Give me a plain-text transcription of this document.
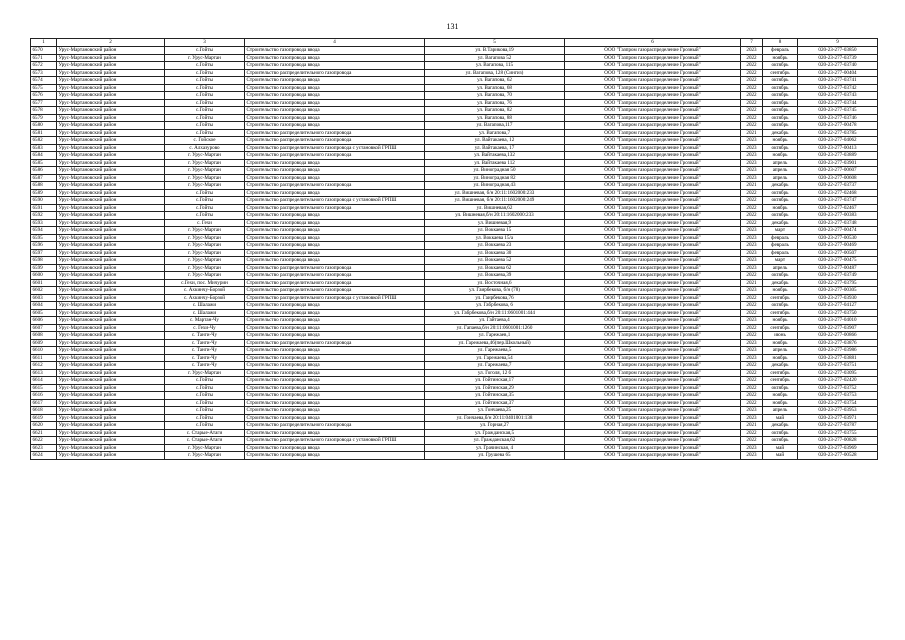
131
1	2	3	4	5	6	7	8	9
6570	Урус-Мартановский район	с.Гойты	Строительство газопровода ввода	ул. В.Тарикова,19	ООО "Газпром газораспределение Грозный"	2023	февраль	020-23-277-03850
6571	Урус-Мартановский район	г. Урус-Мартан	Строительство газопровода ввода	ул. Вагапова 52	ООО "Газпром газораспределение Грозный"	2022	ноябрь	020-23-277-03739
6572	Урус-Мартановский район	с.Гойты	Строительство газопровода ввода	ул. Вагапова, 115	ООО "Газпром газораспределение Грозный"	2022	октябрь	020-23-277-03740
6573	Урус-Мартановский район	с.Гойты	Строительство распределительного газопровода	ул. Вагапова, 128 (Сингиз)	ООО "Газпром газораспределение Грозный"	2022	сентябрь	020-23-277-00404
6574	Урус-Мартановский район	с.Гойты	Строительство газопровода ввода	ул. Вагапова, 62	ООО "Газпром газораспределение Грозный"	2022	октябрь	020-23-277-03741
6575	Урус-Мартановский район	с.Гойты	Строительство газопровода ввода	ул. Вагапова, 68	ООО "Газпром газораспределение Грозный"	2022	октябрь	020-23-277-03742
6576	Урус-Мартановский район	с.Гойты	Строительство газопровода ввода	ул. Вагапова, 70	ООО "Газпром газораспределение Грозный"	2022	октябрь	020-23-277-03743
6577	Урус-Мартановский район	с.Гойты	Строительство газопровода ввода	ул. Вагапова, 76	ООО "Газпром газораспределение Грозный"	2022	октябрь	020-23-277-03744
6578	Урус-Мартановский район	с.Гойты	Строительство газопровода ввода	ул. Вагапова, 82	ООО "Газпром газораспределение Грозный"	2022	октябрь	020-23-277-03745
6579	Урус-Мартановский район	с.Гойты	Строительство газопровода ввода	ул. Вагапова, 88	ООО "Газпром газораспределение Грозный"	2022	октябрь	020-23-277-03746
6580	Урус-Мартановский район	с.Гойты	Строительство газопровода ввода	ул. Вагапова,117	ООО "Газпром газораспределение Грозный"	2022	октябрь	020-23-277-00478
6581	Урус-Мартановский район	с.Гойты	Строительство распределительного газопровода	ул. Вагапова,7	ООО "Газпром газораспределение Грозный"	2021	декабрь	020-22-277-03785
6582	Урус-Мартановский район	с. Гойское	Строительство распределительного газопровода	ул. Вайтакаева, 12	ООО "Газпром газораспределение Грозный"	2023	ноябрь	020-23-277-04062
6583	Урус-Мартановский район	с. Алхазурово	Строительство распределительного газопровода с установкой ГРПШ	ул. Вайтакаева, 17	ООО "Газпром газораспределение Грозный"	2023	октябрь	020-23-277-00413
6584	Урус-Мартановский район	г. Урус-Мартан	Строительство распределительного газопровода	ул. Вайтакаева,132	ООО "Газпром газораспределение Грозный"	2023	ноябрь	020-23-277-03889
6585	Урус-Мартановский район	г. Урус-Мартан	Строительство газопровода ввода	ул. Вайтакаева 112	ООО "Газпром газораспределение Грозный"	2023	апрель	020-23-277-03901
6586	Урус-Мартановский район	г. Урус-Мартан	Строительство газопровода ввода	ул. Виноградная 50	ООО "Газпром газораспределение Грозный"	2023	апрель	020-23-277-00607
6587	Урус-Мартановский район	г. Урус-Мартан	Строительство газопровода ввода	ул. Виноградная 82	ООО "Газпром газораспределение Грозный"	2023	апрель	020-23-277-00608
6588	Урус-Мартановский район	г. Урус-Мартан	Строительство распределительного газопровода	ул. Виноградная,43	ООО "Газпром газораспределение Грозный"	2021	декабрь	020-22-277-03737
6589	Урус-Мартановский район	с.Гойты	Строительство газопровода ввода	ул. Вишневая, б/н 20:11:1602000:233	ООО "Газпром газораспределение Грозный"	2022	октябрь	020-23-277-02468
6590	Урус-Мартановский район	с.Гойты	Строительство распределительного газопровода с установкой ГРПШ	ул. Вишневая, б/н 20:11:1602000:249	ООО "Газпром газораспределение Грозный"	2022	октябрь	020-23-277-03747
6591	Урус-Мартановский район	с.Гойты	Строительство распределительного газопровода	ул. Вишневая,62	ООО "Газпром газораспределение Грозный"	2022	ноябрь	020-23-277-02467
6592	Урус-Мартановский район	с.Гойты	Строительство газопровода ввода	ул. Вишневая,б/н 20:11:1602000:233	ООО "Газпром газораспределение Грозный"	2022	октябрь	020-23-277-00383
6593	Урус-Мартановский район	с. Гехи	Строительство газопровода ввода	ул. Вишневая,9	ООО "Газпром газораспределение Грозный"	2022	декабрь	020-23-277-03748
6594	Урус-Мартановский район	г. Урус-Мартан	Строительство газопровода ввода	ул. Воккаева 15	ООО "Газпром газораспределение Грозный"	2023	март	020-23-277-00474
6595	Урус-Мартановский район	г. Урус-Мартан	Строительство газопровода ввода	ул. Воккаева 15/а	ООО "Газпром газораспределение Грозный"	2023	февраль	020-23-277-00530
6596	Урус-Мартановский район	г. Урус-Мартан	Строительство газопровода ввода	ул. Воккаева 23	ООО "Газпром газораспределение Грозный"	2023	февраль	020-23-277-00469
6597	Урус-Мартановский район	г. Урус-Мартан	Строительство газопровода ввода	ул. Воккаева 30	ООО "Газпром газораспределение Грозный"	2023	февраль	020-23-277-00507
6598	Урус-Мартановский район	г. Урус-Мартан	Строительство газопровода ввода	ул. Воккаева 52	ООО "Газпром газораспределение Грозный"	2023	март	020-23-277-00475
6599	Урус-Мартановский район	г. Урус-Мартан	Строительство распределительного газопровода	ул. Воккаева 62	ООО "Газпром газораспределение Грозный"	2023	апрель	020-23-277-00487
6600	Урус-Мартановский район	г. Урус-Мартан	Строительство распределительного газопровода	ул. Воккаева,39	ООО "Газпром газораспределение Грозный"	2022	октябрь	020-23-277-03749
6601	Урус-Мартановский район	с.Гехи, пос. Мичурин	Строительство распределительного газопровода	ул. Восточная,6	ООО "Газпром газораспределение Грозный"	2021	декабрь	020-22-277-03795
6602	Урус-Мартановский район	с. Ахкинчу-Борзой	Строительство распределительного газопровода	ул. Гаирбекова, б/н (78)	ООО "Газпром газораспределение Грозный"	2023	ноябрь	020-23-277-00305
6603	Урус-Мартановский район	с. Ахкинчу-Борзой	Строительство распределительного газопровода с установкой ГРПШ	ул. Гаирбекова,76	ООО "Газпром газораспределение Грозный"	2022	сентябрь	020-23-277-03930
6604	Урус-Мартановский район	с. Шалажи	Строительство газопровода ввода	ул. Габрбекова, 6	ООО "Газпром газораспределение Грозный"	2022	октябрь	020-23-277-04127
6605	Урус-Мартановский район	с. Шалажи	Строительство газопровода ввода	ул. Габрбекова,б/н 20:11:0601001:444	ООО "Газпром газораспределение Грозный"	2022	сентябрь	020-23-277-03750
6606	Урус-Мартановский район	с. Мартан-Чу	Строительство газопровода ввода	ул. Гайтаева,4	ООО "Газпром газораспределение Грозный"	2023	ноябрь	020-23-277-04010
6607	Урус-Мартановский район	с. Гехи-Чу	Строительство газопровода ввода	ул. Гапаева,б/н 20:11:0601001:1260	ООО "Газпром газораспределение Грозный"	2022	сентябрь	020-22-277-03907
6608	Урус-Мартановский район	с. Танги-Чу	Строительство газопровода ввода	ул. Гарежаев,1	ООО "Газпром газораспределение Грозный"	2022	июнь	020-22-277-00866
6609	Урус-Мартановский район	с. Танги-Чу	Строительство распределительного газопровода	ул. Гарежаева,46(пер.Школьный)	ООО "Газпром газораспределение Грозный"	2023	ноябрь	020-23-277-03876
6610	Урус-Мартановский район	с. Танги-Чу	Строительство газопровода ввода	ул. Гарежаева,5	ООО "Газпром газораспределение Грозный"	2023	апрель	020-23-277-03986
6611	Урус-Мартановский район	с. Танги-Чу	Строительство газопровода ввода	ул. Гарежаева,54	ООО "Газпром газораспределение Грозный"	2023	ноябрь	020-23-277-03881
6612	Урус-Мартановский район	с. Танги-Чу	Строительство газопровода ввода	ул. Гарежаева,7	ООО "Газпром газораспределение Грозный"	2022	декабрь	020-23-277-03751
6613	Урус-Мартановский район	г. Урус-Мартан	Строительство газопровода ввода	ул. Гоголя, 12 б	ООО "Газпром газораспределение Грозный"	2022	сентябрь	020-22-277-03095
6614	Урус-Мартановский район	с.Гойты	Строительство газопровода ввода	ул. Гойтинская,17	ООО "Газпром газораспределение Грозный"	2022	сентябрь	020-23-277-02420
6615	Урус-Мартановский район	с.Гойты	Строительство газопровода ввода	ул. Гойтинская,29	ООО "Газпром газораспределение Грозный"	2022	октябрь	020-23-277-03752
6616	Урус-Мартановский район	с.Гойты	Строительство газопровода ввода	ул. Гойтинская,35	ООО "Газпром газораспределение Грозный"	2022	ноябрь	020-23-277-03753
6617	Урус-Мартановский район	с.Гойты	Строительство газопровода ввода	ул. Гойтинская,37	ООО "Газпром газораспределение Грозный"	2022	ноябрь	020-23-277-03754
6618	Урус-Мартановский район	с.Гойты	Строительство газопровода ввода	ул. Гончаева,25	ООО "Газпром газораспределение Грозный"	2023	апрель	020-23-277-03953
6619	Урус-Мартановский район	с.Гойты	Строительство газопровода ввода	ул. Гончаева,б/н 20:11:0401001:138	ООО "Газпром газораспределение Грозный"	2023	май	020-23-277-03971
6620	Урус-Мартановский район	с.Гойты	Строительство распределительного газопровода	ул. Горная,27	ООО "Газпром газораспределение Грозный"	2021	декабрь	020-22-277-03787
6621	Урус-Мартановский район	с. Старые-Атаги	Строительство газопровода ввода	ул. Гражданская,5	ООО "Газпром газораспределение Грозный"	2022	октябрь	020-23-277-03755
6622	Урус-Мартановский район	с. Старые-Атаги	Строительство распределительного газопровода с установкой ГРПШ	ул. Гражданская,62	ООО "Газпром газораспределение Грозный"	2022	октябрь	020-23-277-00828
6623	Урус-Мартановский район	г. Урус-Мартан	Строительство газопровода ввода	ул. Грачинская, 4	ООО "Газпром газораспределение Грозный"	2023	май	020-23-277-03969
6624	Урус-Мартановский район	г. Урус-Мартан	Строительство газопровода ввода	ул. Грушева 65	ООО "Газпром газораспределение Грозный"	2023	май	020-23-277-00528
